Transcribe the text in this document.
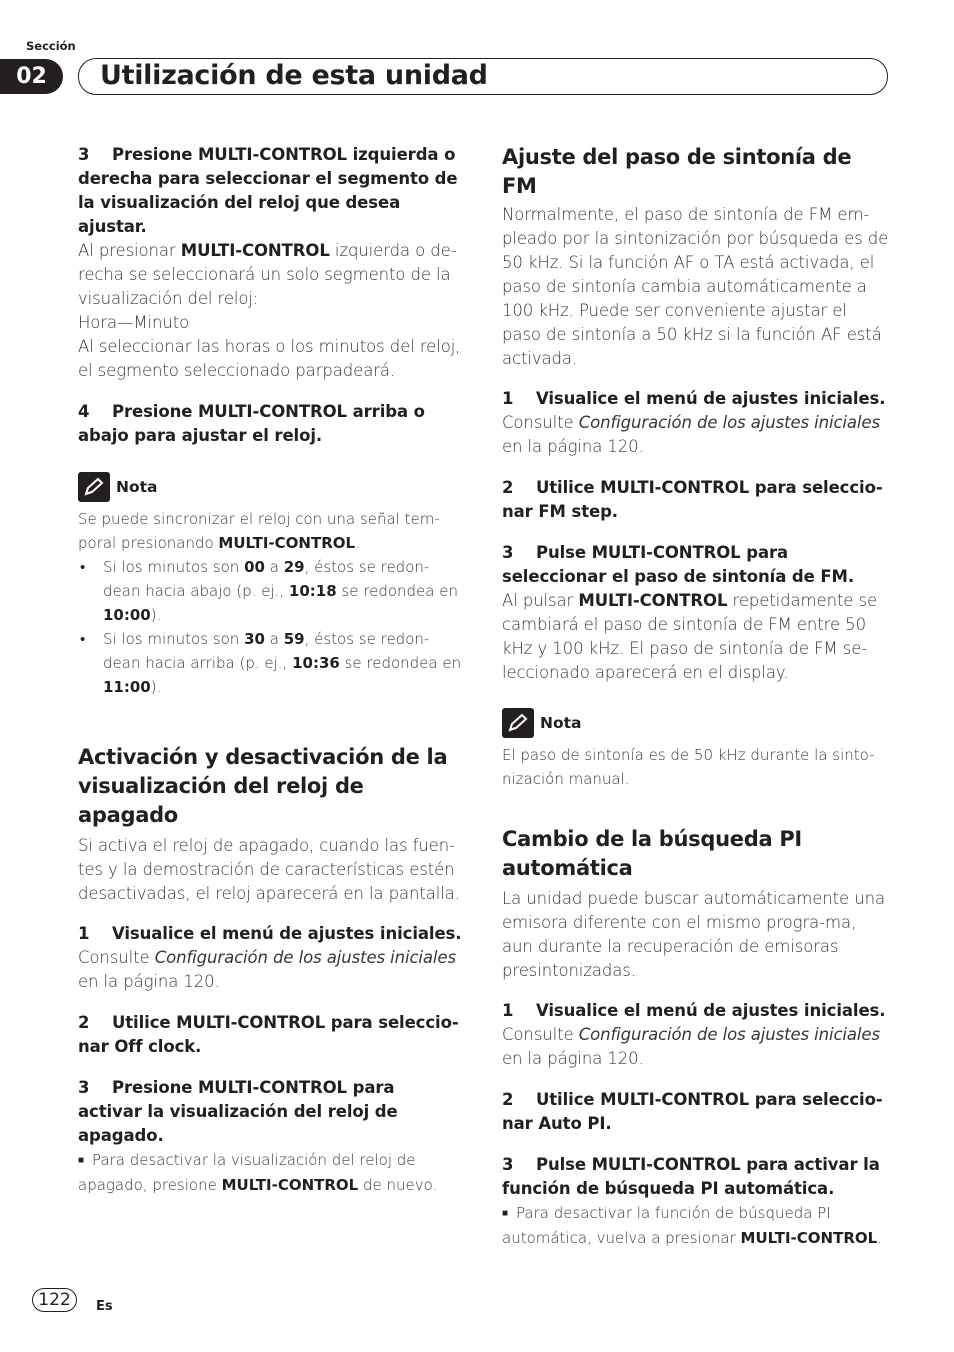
Sección
02	Utilización de esta unidad

3    Presione MULTI-CONTROL izquierda o derecha para seleccionar el segmento de la visualización del reloj que desea ajustar.

Al presionar MULTI-CONTROL izquierda o de-recha se seleccionará un solo segmento de la visualización del reloj:

Hora—Minuto

Al seleccionar las horas o los minutos del reloj, el segmento seleccionado parpadeará.

4    Presione MULTI-CONTROL arriba o abajo para ajustar el reloj.

Nota

Se puede sincronizar el reloj con una señal tem-poral presionando MULTI-CONTROL.

• Si los minutos son 00 a 29, éstos se redon-dean hacia abajo (p. ej., 10:18 se redondea en 10:00).
• Si los minutos son 30 a 59, éstos se redon-dean hacia arriba (p. ej., 10:36 se redondea en 11:00).
Activación y desactivación de la visualización del reloj de apagado

Si activa el reloj de apagado, cuando las fuen-tes y la demostración de características estén desactivadas, el reloj aparecerá en la pantalla.

1    Visualice el menú de ajustes iniciales.

Consulte Configuración de los ajustes iniciales en la página 120.

2    Utilice MULTI-CONTROL para seleccio-nar Off clock.

3    Presione MULTI-CONTROL para activar la visualización del reloj de apagado.

■ Para desactivar la visualización del reloj de apagado, presione MULTI-CONTROL de nuevo.

Ajuste del paso de sintonía de FM

Normalmente, el paso de sintonía de FM em-pleado por la sintonización por búsqueda es de 50 kHz. Si la función AF o TA está activada, el paso de sintonía cambia automáticamente a 100 kHz. Puede ser conveniente ajustar el paso de sintonía a 50 kHz si la función AF está activada.

1    Visualice el menú de ajustes iniciales.

Consulte Configuración de los ajustes iniciales en la página 120.

2    Utilice MULTI-CONTROL para seleccio-nar FM step.

3    Pulse MULTI-CONTROL para seleccionar el paso de sintonía de FM.

Al pulsar MULTI-CONTROL repetidamente se cambiará el paso de sintonía de FM entre 50 kHz y 100 kHz. El paso de sintonía de FM se-leccionado aparecerá en el display.

Nota

El paso de sintonía es de 50 kHz durante la sinto-nización manual.

Cambio de la búsqueda PI automática

La unidad puede buscar automáticamente una emisora diferente con el mismo progra-ma, aun durante la recuperación de emisoras presintonizadas.

1    Visualice el menú de ajustes iniciales.

Consulte Configuración de los ajustes iniciales en la página 120.

2    Utilice MULTI-CONTROL para seleccio-nar Auto PI.

3    Pulse MULTI-CONTROL para activar la función de búsqueda PI automática.

■ Para desactivar la función de búsqueda PI automática, vuelva a presionar MULTI-CONTROL.

122	Es
